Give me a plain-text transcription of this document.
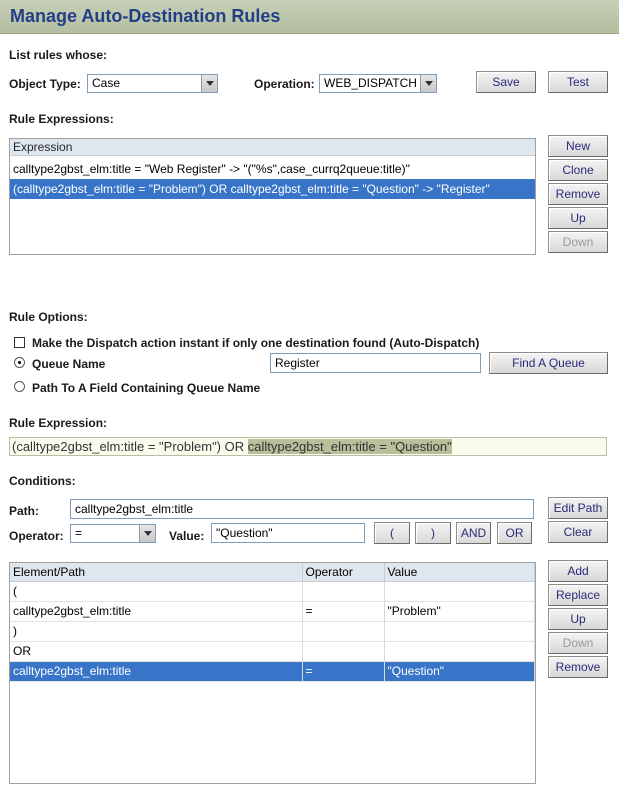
Manage Auto-Destination Rules
List rules whose:
Object Type: Case	Operation: WEB_DISPATCH	Save	Test
Rule Expressions:
Expression
calltype2gbst_elm:title = "Web Register" -> "("%s",case_currq2queue:title)"
(calltype2gbst_elm:title = "Problem") OR calltype2gbst_elm:title = "Question" -> "Register"
New
Clone
Remove
Up
Down
Rule Options:
Make the Dispatch action instant if only one destination found (Auto-Dispatch)
Queue Name	Register	Find A Queue
Path To A Field Containing Queue Name
Rule Expression:
(calltype2gbst_elm:title = "Problem") OR calltype2gbst_elm:title = "Question"
Conditions:
Path:	calltype2gbst_elm:title	Edit Path
Operator: =	Value: "Question"	(	)	AND	OR	Clear
Element/Path	Operator	Value
(		
calltype2gbst_elm:title	=	"Problem"
)		
OR		
calltype2gbst_elm:title	=	"Question"
Add
Replace
Up
Down
Remove
